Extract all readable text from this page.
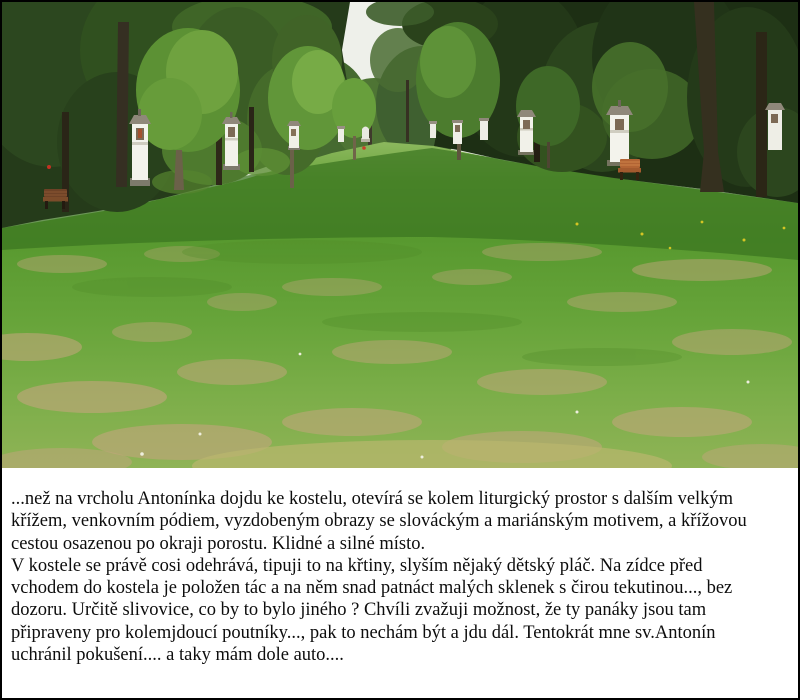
...než na vrcholu Antonínka dojdu ke kostelu, otevírá se kolem liturgický prostor s dalším velkým
křížem, venkovním pódiem, vyzdobeným obrazy se slováckým a mariánským motivem, a křížovou
cestou osazenou po okraji porostu. Klidné a silné místo.

V kostele se právě cosi odehrává, tipuji to na křtiny, slyším nějaký dětský pláč. Na zídce před
vchodem do kostela je položen tác a na něm snad patnáct malých sklenek s čirou tekutinou..., bez
dozoru. Určitě slivovice, co by to bylo jiného ? Chvíli zvažuji možnost, že ty panáky jsou tam
připraveny pro kolemjdoucí poutníky..., pak to nechám být a jdu dál. Tentokrát mne sv.Antonín
uchránil pokušení.... a taky mám dole auto....
